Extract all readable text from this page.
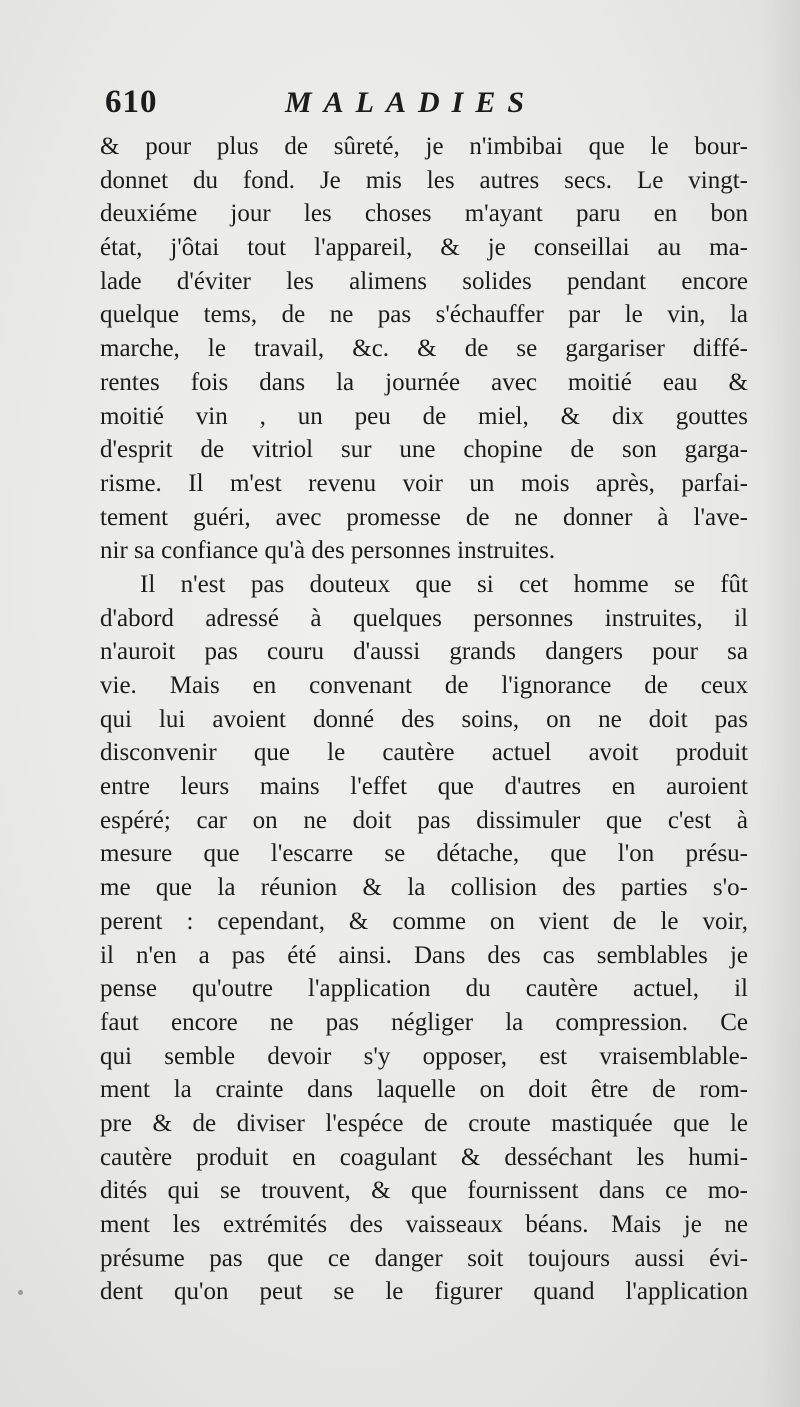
610	MALADIES
& pour plus de sûreté, je n'imbibai que le bour-
donnet du fond. Je mis les autres secs. Le vingt-
deuxiéme jour les choses m'ayant paru en bon
état, j'ôtai tout l'appareil, & je conseillai au ma-
lade d'éviter les alimens solides pendant encore
quelque tems, de ne pas s'échauffer par le vin, la
marche, le travail, &c. & de se gargariser diffé-
rentes fois dans la journée avec moitié eau &
moitié vin , un peu de miel, & dix gouttes
d'esprit de vitriol sur une chopine de son garga-
risme. Il m'est revenu voir un mois après, parfai-
tement guéri, avec promesse de ne donner à l'ave-
nir sa confiance qu'à des personnes instruites.
Il n'est pas douteux que si cet homme se fût
d'abord adressé à quelques personnes instruites, il
n'auroit pas couru d'aussi grands dangers pour sa
vie. Mais en convenant de l'ignorance de ceux
qui lui avoient donné des soins, on ne doit pas
disconvenir que le cautère actuel avoit produit
entre leurs mains l'effet que d'autres en auroient
espéré; car on ne doit pas dissimuler que c'est à
mesure que l'escarre se détache, que l'on présu-
me que la réunion & la collision des parties s'o-
perent : cependant, & comme on vient de le voir,
il n'en a pas été ainsi. Dans des cas semblables je
pense qu'outre l'application du cautère actuel, il
faut encore ne pas négliger la compression. Ce
qui semble devoir s'y opposer, est vraisemblable-
ment la crainte dans laquelle on doit être de rom-
pre & de diviser l'espéce de croute mastiquée que le
cautère produit en coagulant & desséchant les humi-
dités qui se trouvent, & que fournissent dans ce mo-
ment les extrémités des vaisseaux béans. Mais je ne
présume pas que ce danger soit toujours aussi évi-
dent qu'on peut se le figurer quand l'application
